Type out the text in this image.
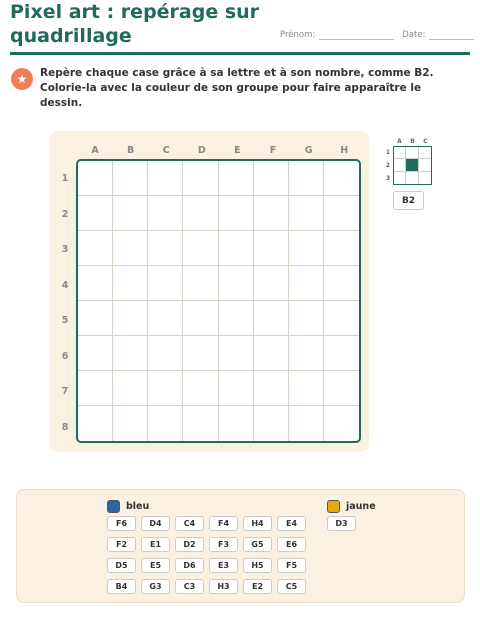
Pixel art : repérage sur quadrillage	Prénom:	Date:
★	Repère chaque case grâce à sa lettre et à son nombre, comme B2. Colorie-la avec la couleur de son groupe pour faire apparaître le dessin.
A	B	C	D	E	F	G	H
1
2
3
4
5
6
7
8
A	B	C
1
2
3
B2
bleu
F6	D4	C4	F4	H4	E4
F2	E1	D2	F3	G5	E6
D5	E5	D6	E3	H5	F5
B4	G3	C3	H3	E2	C5
jaune
D3
